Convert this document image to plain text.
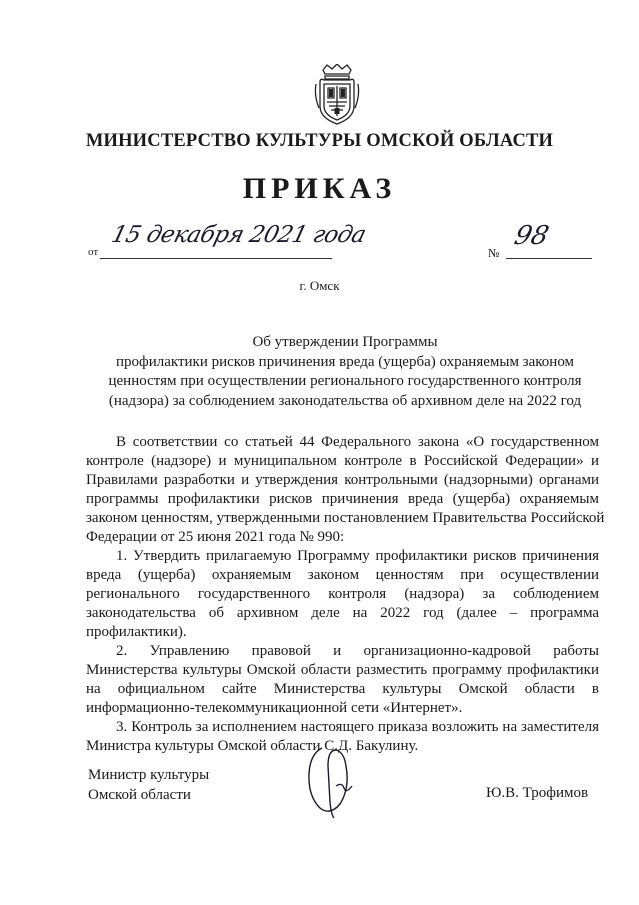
МИНИСТЕРСТВО КУЛЬТУРЫ ОМСКОЙ ОБЛАСТИ
ПРИКАЗ
от
15 декабря 2021 года
№
98
г. Омск
Об утверждении Программы
профилактики рисков причинения вреда (ущерба) охраняемым законом
ценностям при осуществлении регионального государственного контроля
(надзора) за соблюдением законодательства об архивном деле на 2022 год
В соответствии со статьей 44 Федерального закона «О государственном
контроле (надзоре) и муниципальном контроле в Российской Федерации» и
Правилами разработки и утверждения контрольными (надзорными) органами
программы профилактики рисков причинения вреда (ущерба) охраняемым
законом ценностям, утвержденными постановлением Правительства Российской
Федерации от 25 июня 2021 года № 990:
1. Утвердить прилагаемую Программу профилактики рисков причинения
вреда (ущерба) охраняемым законом ценностям при осуществлении
регионального государственного контроля (надзора) за соблюдением
законодательства об архивном деле на 2022 год (далее – программа
профилактики).
2. Управлению правовой и организационно-кадровой работы
Министерства культуры Омской области разместить программу профилактики
на официальном сайте Министерства культуры Омской области в
информационно-телекоммуникационной сети «Интернет».
3. Контроль за исполнением настоящего приказа возложить на заместителя
Министра культуры Омской области С.Д. Бакулину.
Министр культуры
Омской области	Ю.В. Трофимов
